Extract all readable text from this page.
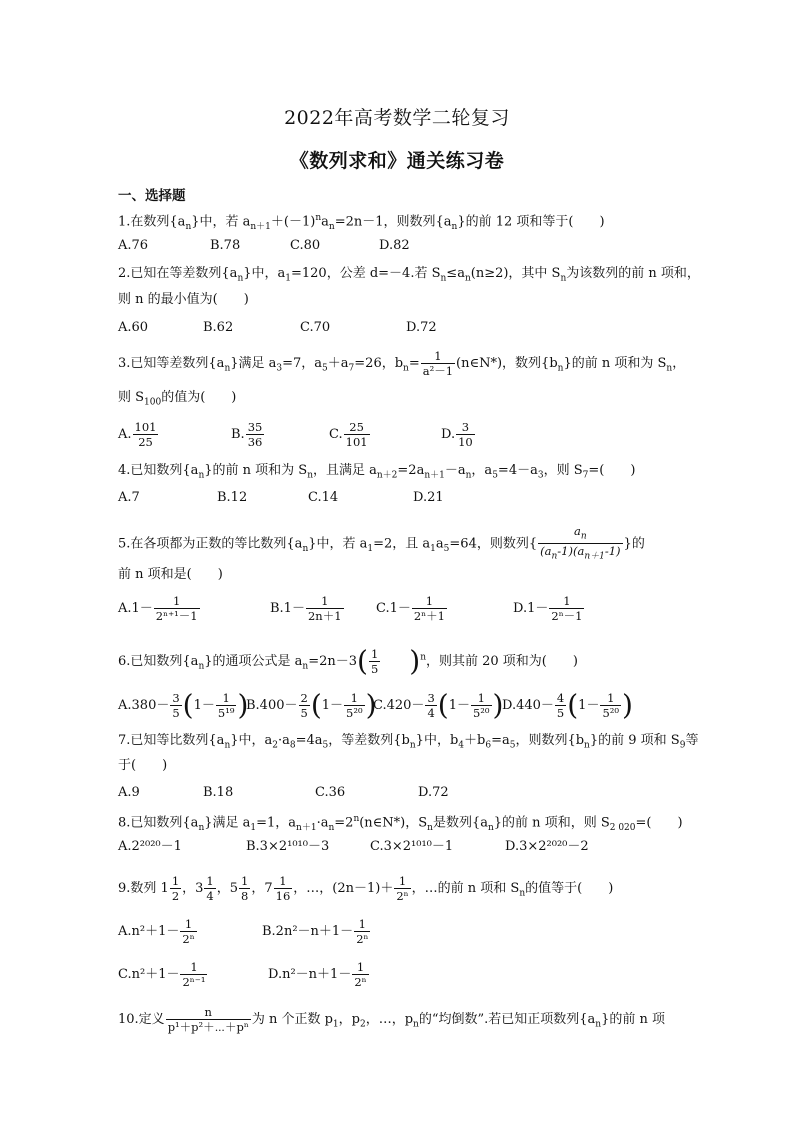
2022年高考数学二轮复习
《数列求和》通关练习卷
一、选择题
1.在数列$\{a_n\}$中，若 $a_{n+1}+(-1)^na_n=2n-1$，则数列$\{a_n\}$的前 12 项和等于(　　)
A.76	B.78	C.80	D.82
2.已知在等差数列$\{a_n\}$中，$a_1=120$，公差 d=－4.若 $S_n\le a_n(n\ge 2)$，其中 $S_n$为该数列的前 n 项和，
则 n 的最小值为(　　)
A.60	B.62	C.70	D.72
3.已知等差数列$\{a_n\}$满足 $a_3=7$，$a_5+a_7=26$，$b_n= \frac{1}{\text{a²－1}}$ (n∈N*)，数列$\{b_n\}$的前 n 项和为 $S_n$，
则 $S_{100}$的值为(　　)
A. $\frac{101}{25}$	B. $\frac{35}{36}$	C. $\frac{25}{101}$	D. $\frac{3}{10}$
4.已知数列$\{a_n\}$的前 n 项和为 $S_n$，且满足 $a_{n+2}=2a_{n+1}-a_n$，$a_5=4-a_3$，则 $S_7=$(　　)
A.7	B.12	C.14	D.21
5.在各项都为正数的等比数列$\{a_n\}$中，若 $a_1=2$，且 $a_1a_5=64$，则数列{ $\frac{a_n}{(a_n-1)(a_{n+1}-1)}$ }的
前 n 项和是(　　)
$A.1- \frac{1}{\text{2ⁿ⁺¹－1}}$	$B.1- \frac{1}{2n+1} C.1- \frac{1}{\text{2ⁿ＋1}}$	$D.1- \frac{1}{\text{2ⁿ－1}}$
6.已知数列$\{a_n\}$的通项公式是 $a_n=2n-3( \frac{1}{5} )^n$，则其前 20 项和为(　　)
$A.380- \frac{3}{5} (1- \frac{1}{\text{5¹⁹}}$ )
$B.400- \frac{2}{5} (1- \frac{1}{\text{5²⁰}}$ )
$C.420- \frac{3}{4} (1- \frac{1}{\text{5²⁰}}$ )
$D.440- \frac{4}{5} (1- \frac{1}{\text{5²⁰}}$ )
7.已知等比数列$\{a_n\}$中，$a_2\cdot a_8=4a_5$，等差数列$\{b_n\}$中，$b_4+b_6=a_5$，则数列$\{b_n\}$的前 9 项和 $S_9$等
于(　　)
A.9	B.18	C.36	D.72
8.已知数列$\{a_n\}$满足 $a_1=1$，$a_{n+1}\cdot a_n=2^n(n\in N*)$，$S_n$是数列$\{a_n\}$的前 n 项和，则 $S_{2 020}=$(　　)
A.2²⁰²⁰－1	B.3×2¹⁰¹⁰－3	C.3×2¹⁰¹⁰－1	D.3×2²⁰²⁰－2
9.数列 $1 \frac{1}{2}$ ，$3 \frac{1}{4}$ ，$5 \frac{1}{8}$ ，$7 \frac{1}{16}$ ，…，$(2n-1)+ \frac{1}{\text{2ⁿ}}$ ，…的前 n 项和 $S_n$的值等于(　　)
$A.n^2+1- \frac{1}{\text{2ⁿ}}$	$B.2n^2-n+1- \frac{1}{\text{2ⁿ}}$
$C.n^2+1- \frac{1}{\text{2ⁿ⁻¹}}$	$D.n^2-n+1- \frac{1}{\text{2ⁿ}}$
10.定义 $\frac{n}{\text{p¹＋p²＋⋯＋pⁿ}}$ 为 n 个正数 $p_1$，$p_2$，…，$p_n$的“均倒数”.若已知正项数列$\{a_n\}$的前 n 项
